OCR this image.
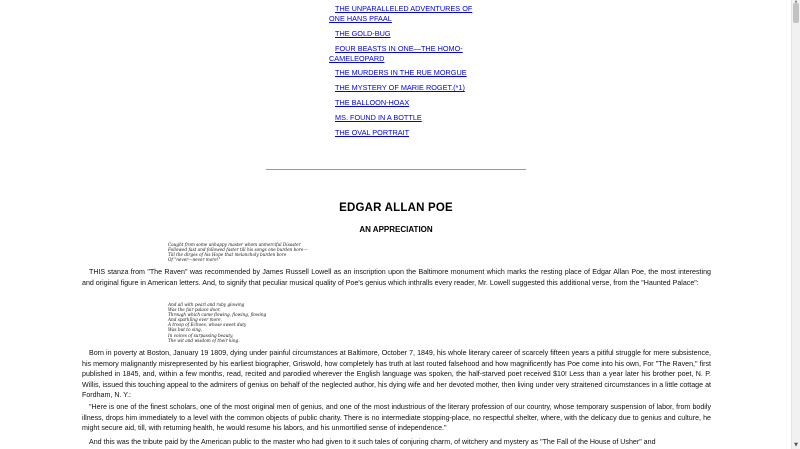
THE UNPARALLELED ADVENTURES OF ONE HANS PFAAL
THE GOLD-BUG
FOUR BEASTS IN ONE—THE HOMO-CAMELEOPARD
THE MURDERS IN THE RUE MORGUE
THE MYSTERY OF MARIE ROGET.(*1)
THE BALLOON-HOAX
MS. FOUND IN A BOTTLE
THE OVAL PORTRAIT
EDGAR ALLAN POE
AN APPRECIATION
Caught from some unhappy master whom unmerciful Disaster
Followed fast and followed faster till his songs one burden bore—
Till the dirges of his Hope that melancholy burden bore
Of "never—never more!"

THIS stanza from "The Raven" was recommended by James Russell Lowell as an inscription upon the Baltimore monument which marks the resting place of Edgar Allan Poe, the most interesting and original figure in American letters. And, to signify that peculiar musical quality of Poe's genius which inthralls every reader, Mr. Lowell suggested this additional verse, from the "Haunted Palace":

And all with pearl and ruby glowing
Was the fair palace door,
Through which came flowing, flowing, flowing
And sparkling ever more,
A troop of Echoes, whose sweet duty
Was but to sing,
In voices of surpassing beauty,
The wit and wisdom of their king.

Born in poverty at Boston, January 19 1809, dying under painful circumstances at Baltimore, October 7, 1849, his whole literary career of scarcely fifteen years a pitiful struggle for mere subsistence, his memory malignantly misrepresented by his earliest biographer, Griswold, how completely has truth at last routed falsehood and how magnificently has Poe come into his own, For "The Raven," first published in 1845, and, within a few months, read, recited and parodied wherever the English language was spoken, the half-starved poet received $10! Less than a year later his brother poet, N. P. Willis, issued this touching appeal to the admirers of genius on behalf of the neglected author, his dying wife and her devoted mother, then living under very straitened circumstances in a little cottage at Fordham, N. Y.:

"Here is one of the finest scholars, one of the most original men of genius, and one of the most industrious of the literary profession of our country, whose temporary suspension of labor, from bodily illness, drops him immediately to a level with the common objects of public charity. There is no intermediate stopping-place, no respectful shelter, where, with the delicacy due to genius and culture, he might secure aid, till, with returning health, he would resume his labors, and his unmortified sense of independence."

And this was the tribute paid by the American public to the master who had given to it such tales of conjuring charm, of witchery and mystery as "The Fall of the House of Usher" and

▲
▼
